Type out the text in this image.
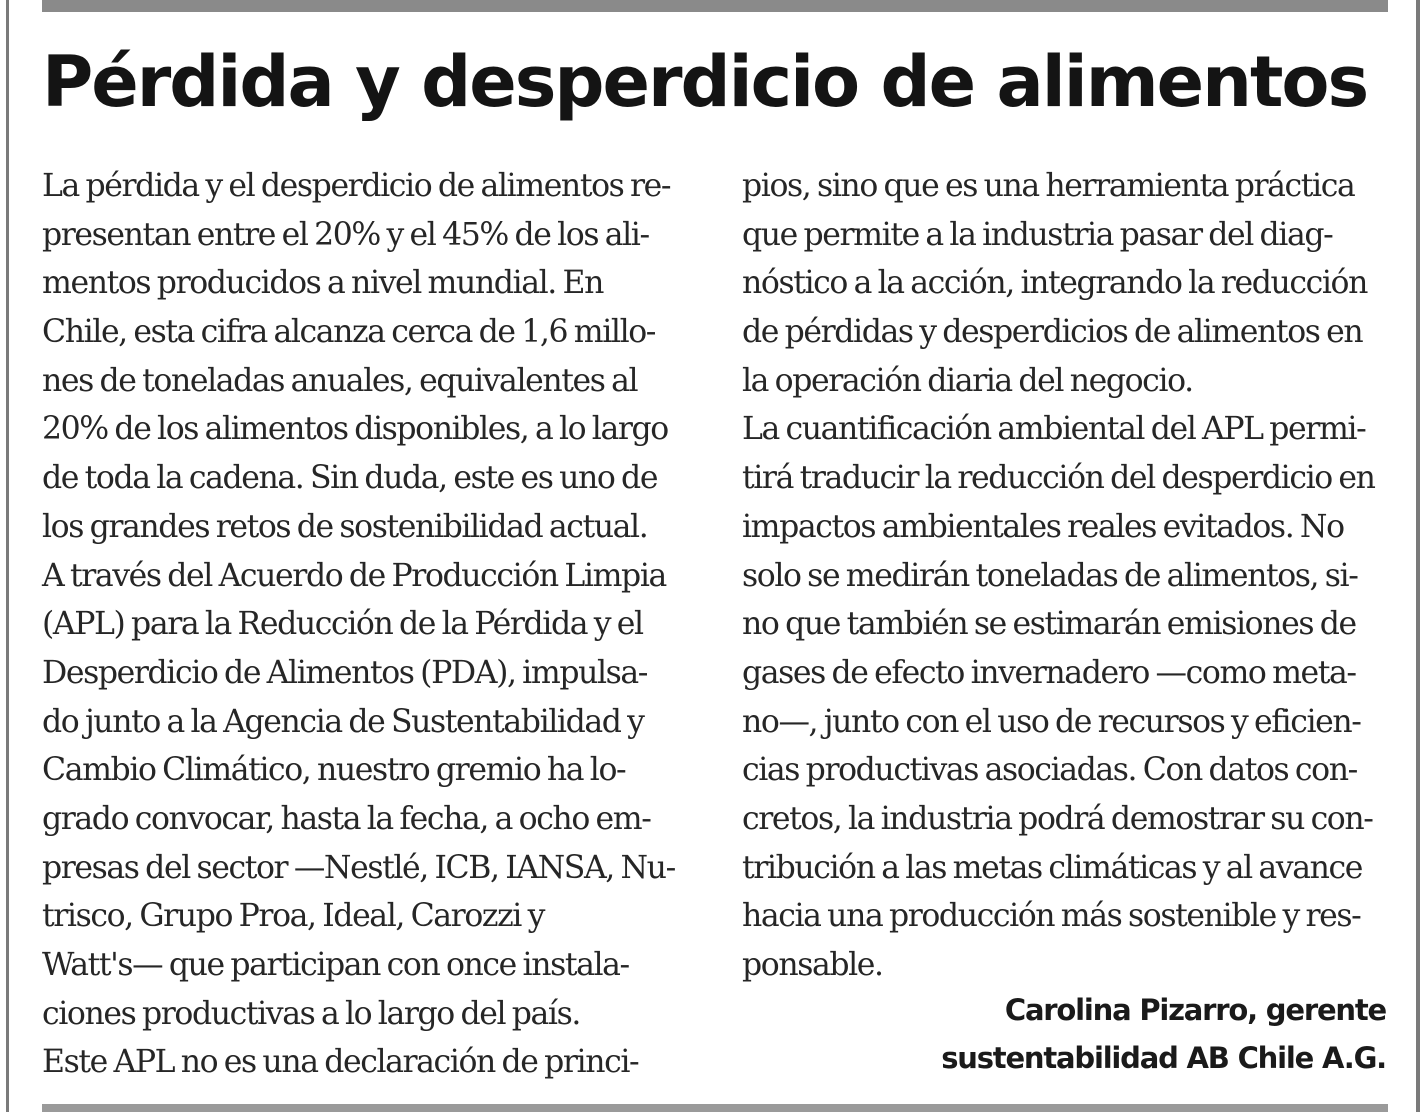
Pérdida y desperdicio de alimentos
La pérdida y el desperdicio de alimentos re-
presentan entre el 20% y el 45% de los ali-
mentos producidos a nivel mundial. En
Chile, esta cifra alcanza cerca de 1,6 millo-
nes de toneladas anuales, equivalentes al
20% de los alimentos disponibles, a lo largo
de toda la cadena. Sin duda, este es uno de
los grandes retos de sostenibilidad actual.
A través del Acuerdo de Producción Limpia
(APL) para la Reducción de la Pérdida y el
Desperdicio de Alimentos (PDA), impulsa-
do junto a la Agencia de Sustentabilidad y
Cambio Climático, nuestro gremio ha lo-
grado convocar, hasta la fecha, a ocho em-
presas del sector —Nestlé, ICB, IANSA, Nu-
trisco, Grupo Proa, Ideal, Carozzi y
Watt's— que participan con once instala-
ciones productivas a lo largo del país.
Este APL no es una declaración de princi-
pios, sino que es una herramienta práctica
que permite a la industria pasar del diag-
nóstico a la acción, integrando la reducción
de pérdidas y desperdicios de alimentos en
la operación diaria del negocio.
La cuantificación ambiental del APL permi-
tirá traducir la reducción del desperdicio en
impactos ambientales reales evitados. No
solo se medirán toneladas de alimentos, si-
no que también se estimarán emisiones de
gases de efecto invernadero —como meta-
no—, junto con el uso de recursos y eficien-
cias productivas asociadas. Con datos con-
cretos, la industria podrá demostrar su con-
tribución a las metas climáticas y al avance
hacia una producción más sostenible y res-
ponsable.
Carolina Pizarro, gerente
sustentabilidad AB Chile A.G.
